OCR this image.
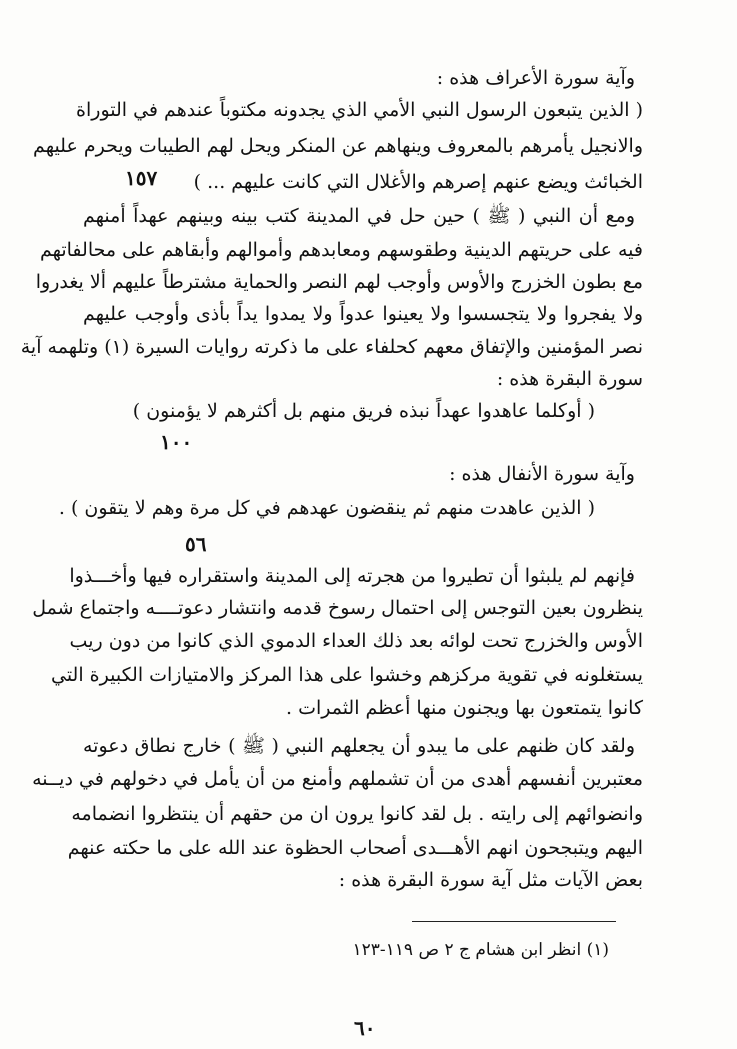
وآية سورة الأعراف هذه :
( الذين يتبعون الرسول النبي الأمي الذي يجدونه مكتوباً عندهم في التوراة
والانجيل يأمرهم بالمعروف وينهاهم عن المنكر ويحل لهم الطيبات ويحرم عليهم
الخبائث ويضع عنهم إصرهم والأغلال التي كانت عليهم ... )
١٥٧
ومع أن النبي ( ﷺ ) حين حل في المدينة كتب بينه وبينهم عهداً أمنهم
فيه على حريتهم الدينية وطقوسهم ومعابدهم وأموالهم وأبقاهم على محالفاتهم
مع بطون الخزرج والأوس وأوجب لهم النصر والحماية مشترطاً عليهم ألا يغدروا
ولا يفجروا ولا يتجسسوا ولا يعينوا عدواً ولا يمدوا يداً بأذى وأوجب عليهم
نصر المؤمنين والإتفاق معهم كحلفاء على ما ذكرته روايات السيرة (١) وتلهمه آية
سورة البقرة هذه :
( أوكلما عاهدوا عهداً نبذه فريق منهم بل أكثرهم لا يؤمنون )
١٠٠
وآية سورة الأنفال هذه :
( الذين عاهدت منهم ثم ينقضون عهدهم في كل مرة وهم لا يتقون ) .
٥٦
فإنهم لم يلبثوا أن تطيروا من هجرته إلى المدينة واستقراره فيها وأخـــذوا
ينظرون بعين التوجس إلى احتمال رسوخ قدمه وانتشار دعوتــــه واجتماع شمل
الأوس والخزرج تحت لوائه بعد ذلك العداء الدموي الذي كانوا من دون ريب
يستغلونه في تقوية مركزهم وخشوا على هذا المركز والامتيازات الكبيرة التي
كانوا يتمتعون بها ويجنون منها أعظم الثمرات .
ولقد كان ظنهم على ما يبدو أن يجعلهم النبي ( ﷺ ) خارج نطاق دعوته
معتبرين أنفسهم أهدى من أن تشملهم وأمنع من أن يأمل في دخولهم في ديــنه
وانضوائهم إلى رايته . بل لقد كانوا يرون ان من حقهم أن ينتظروا انضمامه
اليهم ويتبجحون انهم الأهـــدى أصحاب الحظوة عند الله على ما حكته عنهم
بعض الآيات مثل آية سورة البقرة هذه :
(١) انظر ابن هشام ج ٢ ص ١١٩-١٢٣
٦٠
